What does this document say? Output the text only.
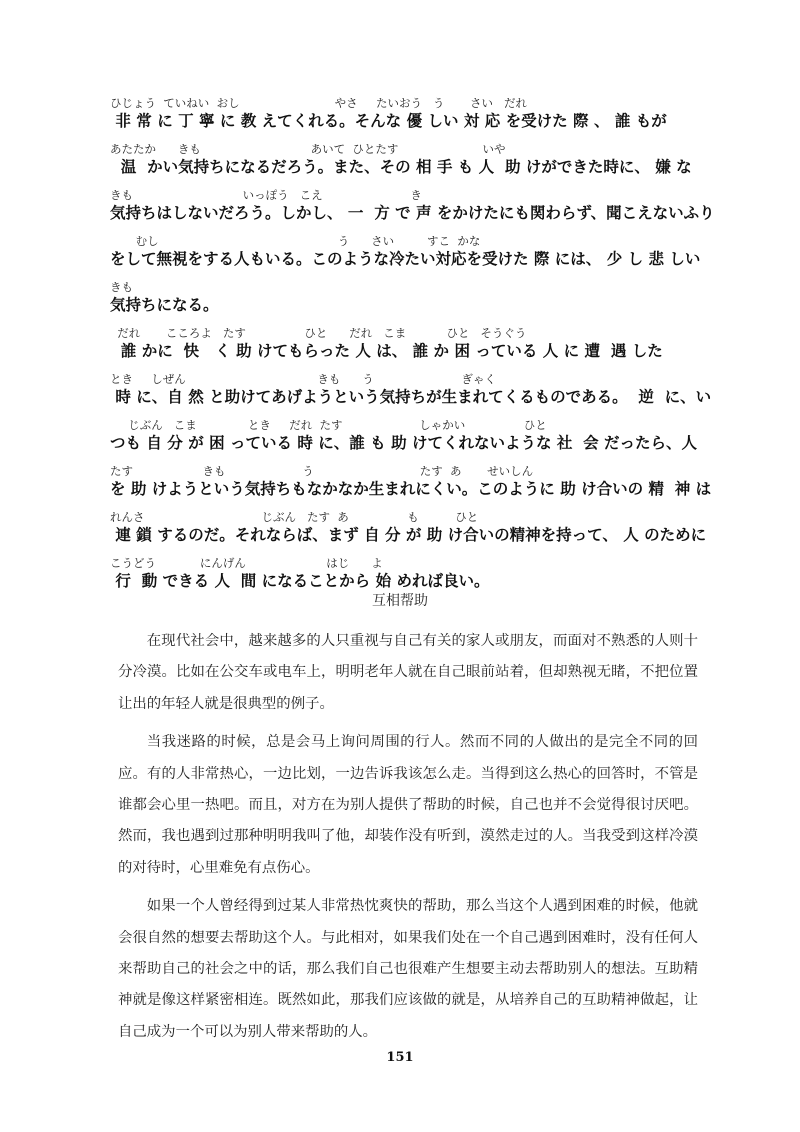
ひじょう  ていねい  おし                          やさ     たいおう   う       さい   だれ
非 常 に 丁 寧 に 教 えてくれる。そんな 優 しい 対 応 を受けた 際 、 誰 もが
あたたか      きも                              あいて  ひとたす                       いや
温  かい気持ちになるだろう。また、その 相 手 も 人  助 けができた時に、 嫌 な
きも                              いっぽう   こえ                        き
気持ちはしないだろう。しかし、 一  方 で 声 をかけたにも関わらず、聞こえないふり
むし                                                 う      さい         すこ  かな
をして無視をする人もいる。このような冷たい対応を受けた 際 には、 少 し 悲 しい
きも
気持ちになる。
だれ       こころよ   たす                ひと      だれ   こま           ひと   そうぐう
誰 かに  快   く 助 けてもらった 人 は、 誰 か 困 っている 人 に 遭  遇 した
とき     しぜん                                    きも      う                        ぎゃく
時 に、自 然 と助けてあげようという気持ちが生まれてくるものである。  逆  に、い
じぶん   こま              とき     だれ  たす                     しゃかい                ひと
つも 自 分 が 困 っている 時 に、誰 も 助 けてくれないような 社  会 だったら、人
たす                   きも                     う                             たす  あ       せいしん
を 助 けようという気持ちもなかなか生まれにくい。このように 助 け合いの 精  神 は
れんさ                                じぶん   たす  あ                も          ひと
連 鎖 するのだ。それならば、まず 自 分 が 助 け合いの精神を持って、 人 のために
こうどう            にんげん                      はじ      よ
行  動 できる 人  間 になることから 始 めれば良い。
互相帮助

在现代社会中，越来越多的人只重视与自己有关的家人或朋友，而面对不熟悉的人则十分冷漠。比如在公交车或电车上，明明老年人就在自己眼前站着，但却熟视无睹，不把位置让出的年轻人就是很典型的例子。

当我迷路的时候，总是会马上询问周围的行人。然而不同的人做出的是完全不同的回应。有的人非常热心，一边比划，一边告诉我该怎么走。当得到这么热心的回答时，不管是谁都会心里一热吧。而且，对方在为别人提供了帮助的时候，自己也并不会觉得很讨厌吧。然而，我也遇到过那种明明我叫了他，却装作没有听到，漠然走过的人。当我受到这样冷漠的对待时，心里难免有点伤心。

如果一个人曾经得到过某人非常热忱爽快的帮助，那么当这个人遇到困难的时候，他就会很自然的想要去帮助这个人。与此相对，如果我们处在一个自己遇到困难时，没有任何人来帮助自己的社会之中的话，那么我们自己也很难产生想要主动去帮助别人的想法。互助精神就是像这样紧密相连。既然如此，那我们应该做的就是，从培养自己的互助精神做起，让自己成为一个可以为别人带来帮助的人。

151
